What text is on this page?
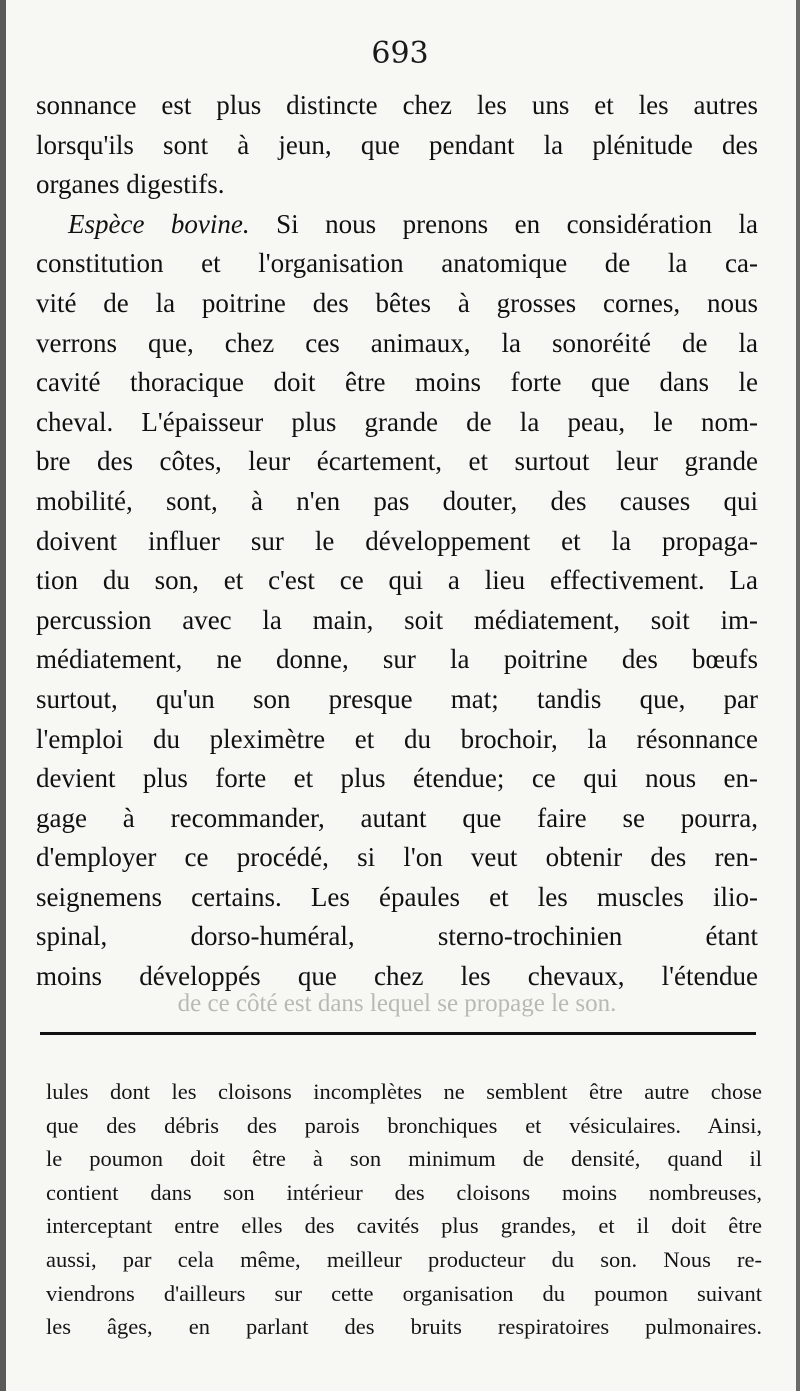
693
sonnance est plus distincte chez les uns et les autres
lorsqu'ils sont à jeun, que pendant la plénitude des
organes digestifs.
Espèce bovine. Si nous prenons en considération la
constitution et l'organisation anatomique de la ca-
vité de la poitrine des bêtes à grosses cornes, nous
verrons que, chez ces animaux, la sonoréité de la
cavité thoracique doit être moins forte que dans le
cheval. L'épaisseur plus grande de la peau, le nom-
bre des côtes, leur écartement, et surtout leur grande
mobilité, sont, à n'en pas douter, des causes qui
doivent influer sur le développement et la propaga-
tion du son, et c'est ce qui a lieu effectivement. La
percussion avec la main, soit médiatement, soit im-
médiatement, ne donne, sur la poitrine des bœufs
surtout, qu'un son presque mat; tandis que, par
l'emploi du pleximètre et du brochoir, la résonnance
devient plus forte et plus étendue; ce qui nous en-
gage à recommander, autant que faire se pourra,
d'employer ce procédé, si l'on veut obtenir des ren-
seignemens certains. Les épaules et les muscles ilio-
spinal, dorso-huméral, sterno-trochinien étant
moins développés que chez les chevaux, l'étendue
de ce côté est dans lequel se propage le son.
lules dont les cloisons incomplètes ne semblent être autre chose
que des débris des parois bronchiques et vésiculaires. Ainsi,
le poumon doit être à son minimum de densité, quand il
contient dans son intérieur des cloisons moins nombreuses,
interceptant entre elles des cavités plus grandes, et il doit être
aussi, par cela même, meilleur producteur du son. Nous re-
viendrons d'ailleurs sur cette organisation du poumon suivant
les âges, en parlant des bruits respiratoires pulmonaires.
